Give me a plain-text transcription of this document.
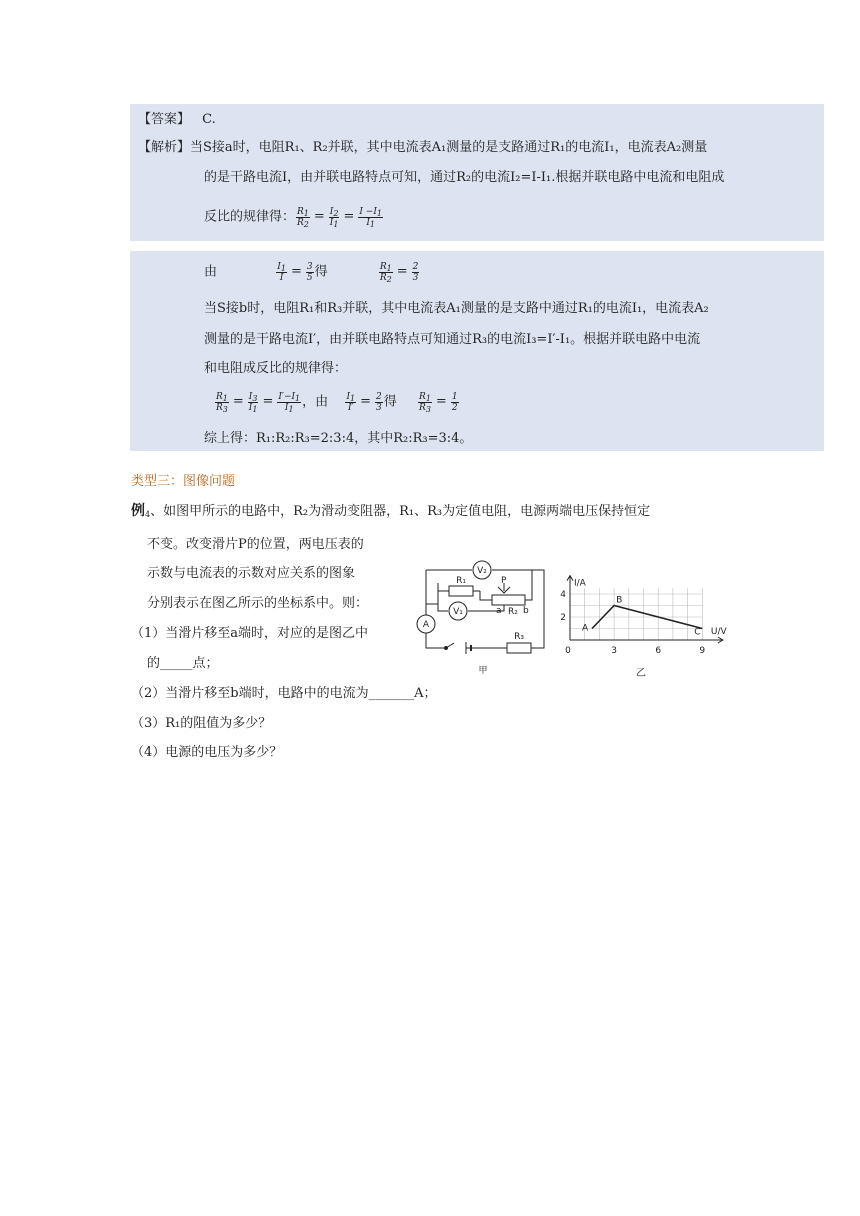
【答案】 C.
【解析】当S接a时，电阻R₁、R₂并联，其中电流表A₁测量的是支路通过R₁的电流I₁，电流表A₂测量
的是干路电流I，由并联电路特点可知，通过R₂的电流I₂=I-I₁.根据并联电路中电流和电阻成
反比的规律得： $\frac{R_1}{R_2} = \frac{I_2}{I_1} = \frac{I -I_1}{I_1}$
由	$\frac{I_1}{I} = \frac{3}{5}$ 得	$\frac{R_1}{R_2} = \frac{2}{3}$
当S接b时，电阻R₁和R₃并联，其中电流表A₁测量的是支路中通过R₁的电流I₁，电流表A₂
测量的是干路电流I′，由并联电路特点可知通过R₃的电流I₃=I′-I₁。根据并联电路中电流
和电阻成反比的规律得：
$\frac{R_1}{R_3} = \frac{I_3}{I_1} = \frac{I'-I_1}{I_1}$ ，由 $\frac{I_1}{I'} = \frac{2}{3}$ 得 $\frac{R_1}{R_3} = \frac{1}{2}$
综上得：R₁:R₂:R₃=2:3:4，其中R₂:R₃=3:4。
类型三：图像问题
例$_4$、如图甲所示的电路中，R₂为滑动变阻器，R₁、R₃为定值电阻，电源两端电压保持恒定
不变。改变滑片P的位置，两电压表的
示数与电流表的示数对应关系的图象
分别表示在图乙所示的坐标系中。则：
（1）当滑片移至a端时，对应的是图乙中
的_____点；
（2）当滑片移至b端时，电路中的电流为_______A；
（3）R₁的阻值为多少？
（4）电源的电压为多少？
V₂
R₁
V₁
P
a R₂ b
A
R₃
甲
0	3	6	9
2
4
A
B
C
I/A
U/V
乙
